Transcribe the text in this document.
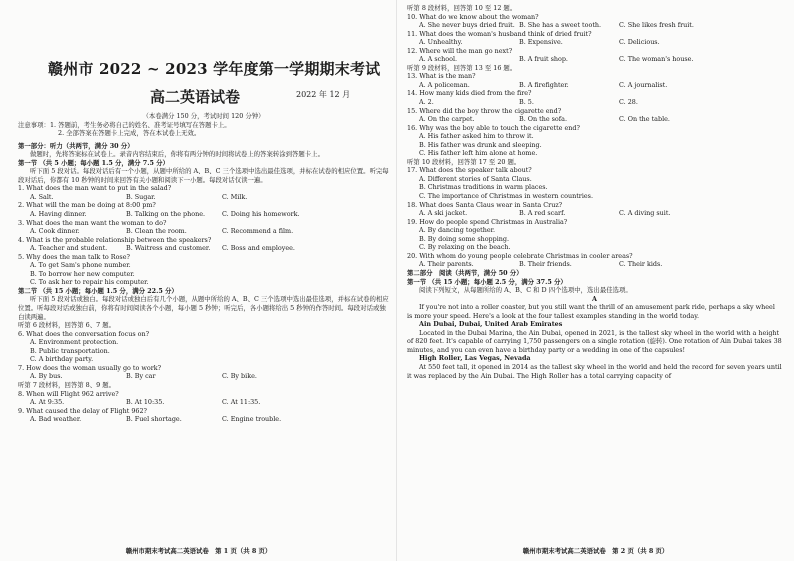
赣州市 2022 ~ 2023 学年度第一学期期末考试
高二英语试卷	2022 年 12 月

（本卷满分 150 分，考试时间 120 分钟）

注意事项：1. 答题前，考生务必将自己的姓名、准考证号填写在答题卡上。

2. 全部答案在答题卡上完成，答在本试卷上无效。

第一部分：听力（共两节，满分 30 分）

做题时，先将答案标在试卷上。录音内容结束后，你将有两分钟的时间将试卷上的答案转涂到答题卡上。

第一节 （共 5 小题；每小题 1.5 分，满分 7.5 分）

听下面 5 段对话。每段对话后有一个小题，从题中所给的 A、B、C 三个选项中选出最佳选项，并标在试卷的相应位置。听完每段对话后，你都有 10 秒钟的时间来回答有关小题和阅读下一小题。每段对话仅读一遍。

1. What does the man want to put in the salad?

A. Salt.	B. Sugar.	C. Milk.

2. What will the man be doing at 8:00 pm?

A. Having dinner.	B. Talking on the phone.	C. Doing his homework.

3. What does the man want the woman to do?

A. Cook dinner.	B. Clean the room.	C. Recommend a film.

4. What is the probable relationship between the speakers?

A. Teacher and student.	B. Waitress and customer.	C. Boss and employee.

5. Why does the man talk to Rose?

A. To get Sam's phone number.

B. To borrow her new computer.

C. To ask her to repair his computer.

第二节 （共 15 小题；每小题 1.5 分，满分 22.5 分）

听下面 5 段对话或独白。每段对话或独白后有几个小题，从题中所给的 A、B、C 三个选项中选出最佳选项，并标在试卷的相应位置。听每段对话或独白前，你将有时间阅读各个小题，每小题 5 秒钟；听完后，各小题将给出 5 秒钟的作答时间。每段对话或独白读两遍。

听第 6 段材料，回答第 6、7 题。

6. What does the conversation focus on?

A. Environment protection.

B. Public transportation.

C. A birthday party.

7. How does the woman usually go to work?

A. By bus.	B. By car	C. By bike.

听第 7 段材料，回答第 8、9 题。

8. When will Flight 962 arrive?

A. At 9:35.	B. At 10:35.	C. At 11:35.

9. What caused the delay of Flight 962?

A. Bad weather.	B. Fuel shortage.	C. Engine trouble.
赣州市期末考试高二英语试卷　第 1 页（共 8 页）

听第 8 段材料，回答第 10 至 12 题。

10. What do we know about the woman?

A. She never buys dried fruit. B. She has a sweet tooth.	C. She likes fresh fruit.

11. What does the woman's husband think of dried fruit?

A. Unhealthy.	B. Expensive.	C. Delicious.

12. Where will the man go next?

A. A school.	B. A fruit shop.	C. The woman's house.

听第 9 段材料，回答第 13 至 16 题。

13. What is the man?

A. A policeman.	B. A firefighter.	C. A journalist.

14. How many kids died from the fire?

A. 2.	B. 5.	C. 28.

15. Where did the boy throw the cigarette end?

A. On the carpet.	B. On the sofa.	C. On the table.

16. Why was the boy able to touch the cigarette end?

A. His father asked him to throw it.

B. His father was drunk and sleeping.

C. His father left him alone at home.

听第 10 段材料，回答第 17 至 20 题。

17. What does the speaker talk about?

A. Different stories of Santa Claus.

B. Christmas traditions in warm places.

C. The importance of Christmas in western countries.

18. What does Santa Claus wear in Santa Cruz?

A. A ski jacket.	B. A red scarf.	C. A diving suit.

19. How do people spend Christmas in Australia?

A. By dancing together.

B. By doing some shopping.

C. By relaxing on the beach.

20. With whom do young people celebrate Christmas in cooler areas?

A. Their parents.	B. Their friends.	C. Their kids.

第二部分　阅读（共两节，满分 50 分）

第一节 （共 15 小题；每小题 2.5 分，满分 37.5 分）

阅读下列短文，从每题所给的 A、B、C 和 D 四个选项中，选出最佳选项。

A

If you're not into a roller coaster, but you still want the thrill of an amusement park ride, perhaps a sky wheel is more your speed. Here's a look at the four tallest examples standing in the world today.

Ain Dubai, Dubai, United Arab Emirates

Located in the Dubai Marina, the Ain Dubai, opened in 2021, is the tallest sky wheel in the world with a height of 820 feet. It's capable of carrying 1,750 passengers on a single rotation (旋转). One rotation of Ain Dubai takes 38 minutes, and you can even have a birthday party or a wedding in one of the capsules!

High Roller, Las Vegas, Nevada

At 550 feet tall, it opened in 2014 as the tallest sky wheel in the world and held the record for seven years until it was replaced by the Ain Dubai. The High Roller has a total carrying capacity of

赣州市期末考试高二英语试卷　第 2 页（共 8 页）
